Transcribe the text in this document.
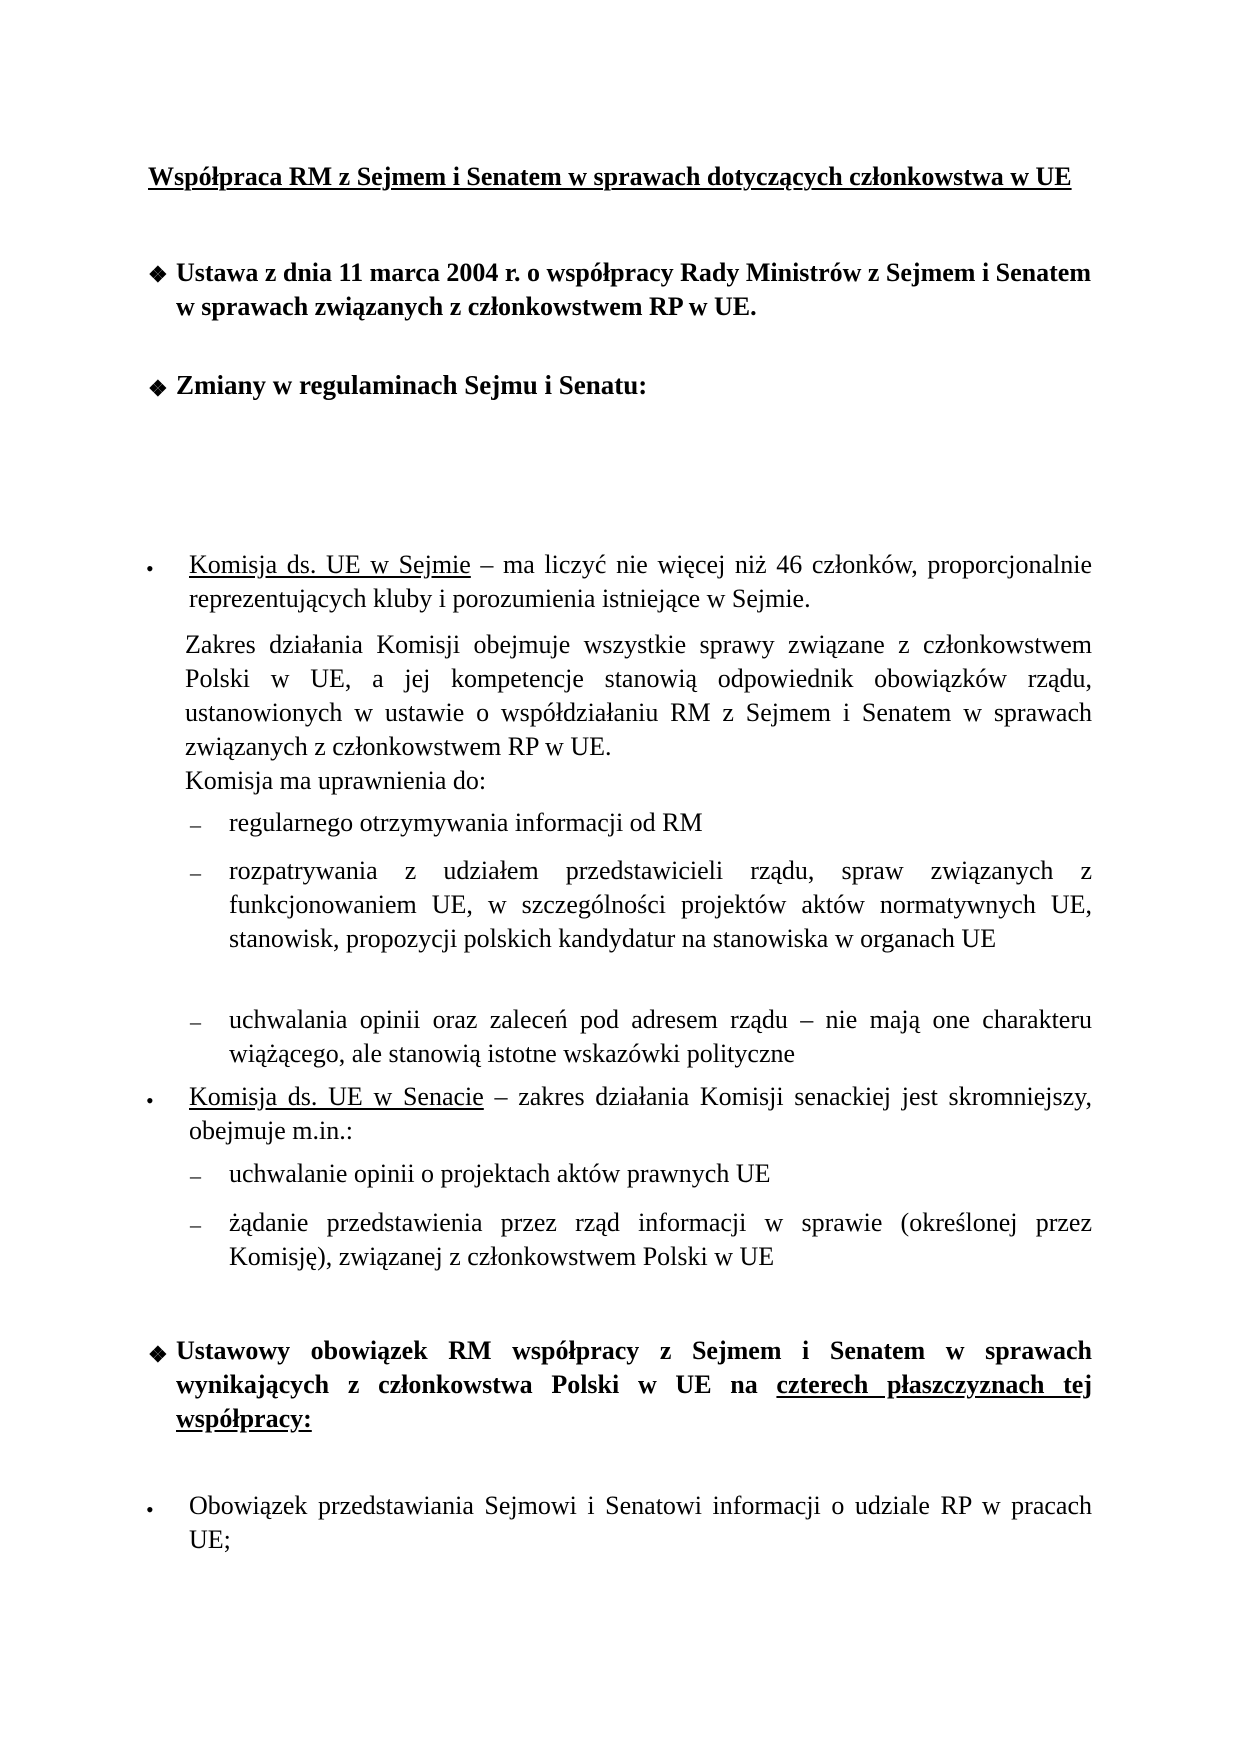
Współpraca RM z Sejmem i Senatem w sprawach dotyczących członkowstwa w UE
❖ Ustawa z dnia 11 marca 2004 r. o współpracy Rady Ministrów z Sejmem i Senatem w sprawach związanych z członkowstwem RP w UE.
❖ Zmiany w regulaminach Sejmu i Senatu:
• Komisja ds. UE w Sejmie – ma liczyć nie więcej niż 46 członków, proporcjonalnie reprezentujących kluby i porozumienia istniejące w Sejmie.
Zakres działania Komisji obejmuje wszystkie sprawy związane z członkowstwem Polski w UE, a jej kompetencje stanowią odpowiednik obowiązków rządu, ustanowionych w ustawie o współdziałaniu RM z Sejmem i Senatem w sprawach związanych z członkowstwem RP w UE.
Komisja ma uprawnienia do:
– regularnego otrzymywania informacji od RM
– rozpatrywania z udziałem przedstawicieli rządu, spraw związanych z funkcjonowaniem UE, w szczególności projektów aktów normatywnych UE, stanowisk, propozycji polskich kandydatur na stanowiska w organach UE
– uchwalania opinii oraz zaleceń pod adresem rządu – nie mają one charakteru wiążącego, ale stanowią istotne wskazówki polityczne
• Komisja ds. UE w Senacie – zakres działania Komisji senackiej jest skromniejszy, obejmuje m.in.:
– uchwalanie opinii o projektach aktów prawnych UE
– żądanie przedstawienia przez rząd informacji w sprawie (określonej przez Komisję), związanej z członkowstwem Polski w UE
❖ Ustawowy obowiązek RM współpracy z Sejmem i Senatem w sprawach wynikających z członkowstwa Polski w UE na czterech płaszczyznach tej współpracy:
• Obowiązek przedstawiania Sejmowi i Senatowi informacji o udziale RP w pracach UE;
